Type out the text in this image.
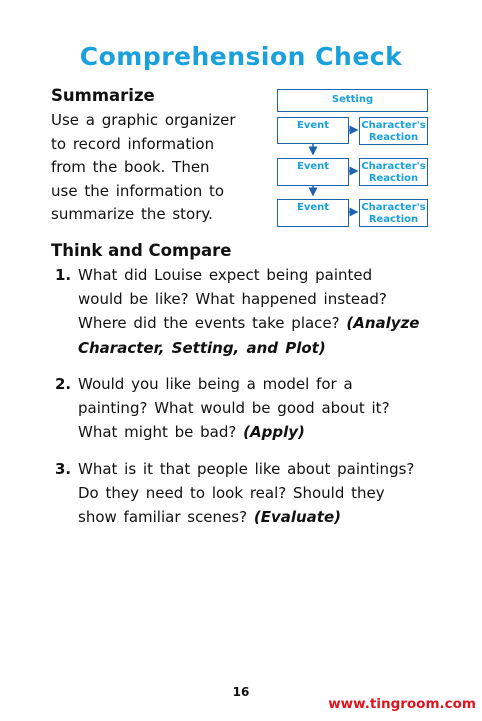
Comprehension Check
Summarize
Use a graphic organizer
to record information
from the book. Then
use the information to
summarize the story.
Setting
Event	Character's
Reaction
Event	Character's
Reaction
Event	Character's
Reaction
Think and Compare
1. What did Louise expect being painted
would be like? What happened instead?
Where did the events take place? (Analyze
Character, Setting, and Plot)
2. Would you like being a model for a
painting? What would be good about it?
What might be bad? (Apply)
3. What is it that people like about paintings?
Do they need to look real? Should they
show familiar scenes? (Evaluate)
16
www.tingroom.com
